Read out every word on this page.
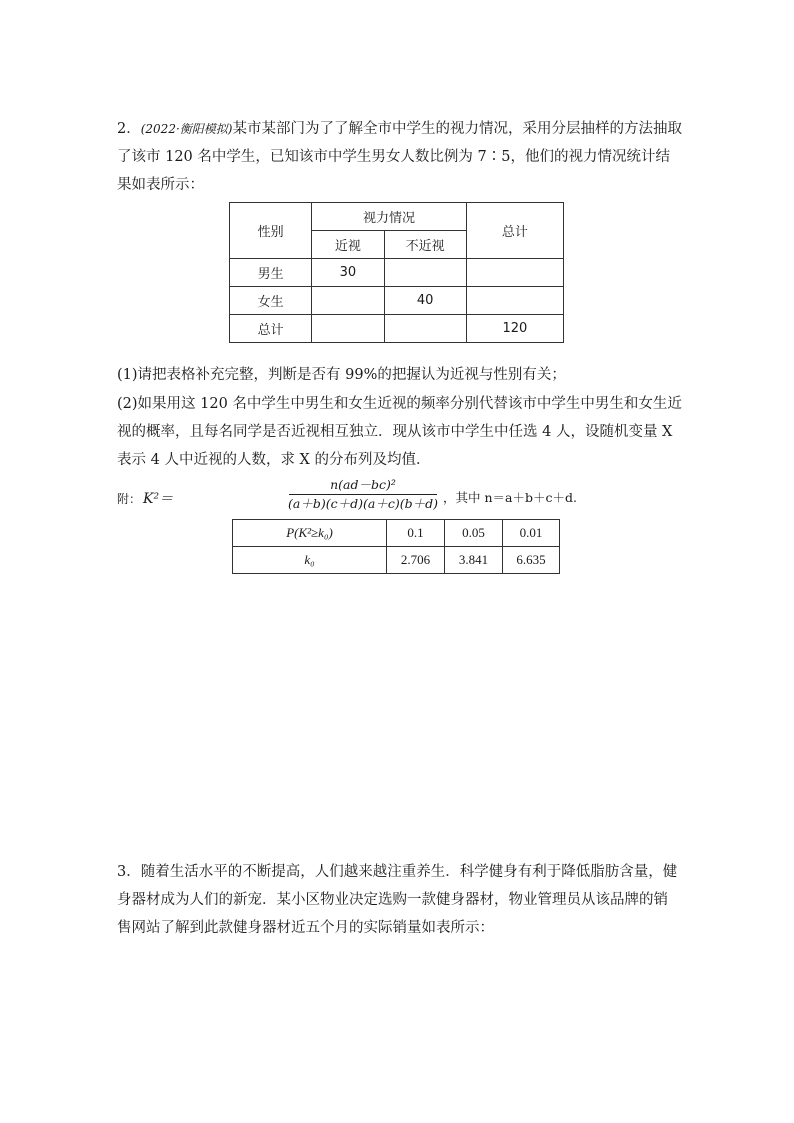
2．(2022·衡阳模拟)某市某部门为了了解全市中学生的视力情况，采用分层抽样的方法抽取了该市 120 名中学生，已知该市中学生男女人数比例为 7∶5，他们的视力情况统计结果如表所示：

性别	视力情况		总计
	近视	不近视	
男生	30		
女生		40	
总计			120
(1)请把表格补充完整，判断是否有 99%的把握认为近视与性别有关；
(2)如果用这 120 名中学生中男生和女生近视的频率分别代替该市中学生中男生和女生近视的概率，且每名同学是否近视相互独立．现从该市中学生中任选 4 人，设随机变量 X 表示 4 人中近视的人数，求 X 的分布列及均值．
附： K²＝
n(ad－bc)²
(a＋b)(c＋d)(a＋c)(b＋d) ，其中 n＝a＋b＋c＋d.
P(K²≥k₀)	0.1	0.05	0.01
k₀	2.706	3.841	6.635

3．随着生活水平的不断提高，人们越来越注重养生．科学健身有利于降低脂肪含量，健身器材成为人们的新宠．某小区物业决定选购一款健身器材，物业管理员从该品牌的销售网站了解到此款健身器材近五个月的实际销量如表所示：
